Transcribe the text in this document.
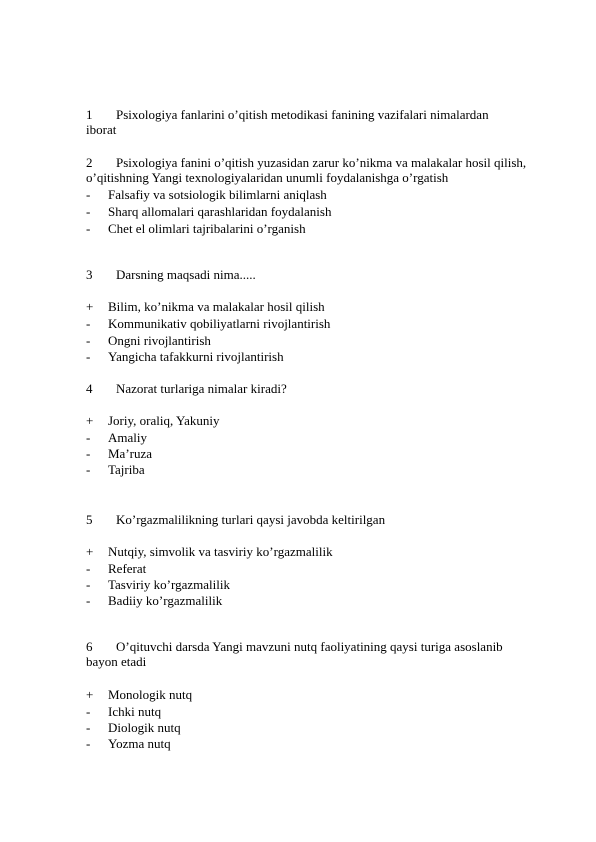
1 Psixologiya fanlarini o’qitish metodikasi fanining vazifalari nimalardan
iborat
2 Psixologiya fanini o’qitish yuzasidan zarur ko’nikma va malakalar hosil qilish,
o’qitishning Yangi texnologiyalaridan unumli foydalanishga o’rgatish
- Falsafiy va sotsiologik bilimlarni aniqlash
- Sharq allomalari qarashlaridan foydalanish
- Chet el olimlari tajribalarini o’rganish
3 Darsning maqsadi nima.....
+ Bilim, ko’nikma va malakalar hosil qilish
- Kommunikativ qobiliyatlarni rivojlantirish
- Ongni rivojlantirish
- Yangicha tafakkurni rivojlantirish
4 Nazorat turlariga nimalar kiradi?
+ Joriy, oraliq, Yakuniy
- Amaliy
- Ma’ruza
- Tajriba
5 Ko’rgazmalilikning turlari qaysi javobda keltirilgan
+ Nutqiy, simvolik va tasviriy ko’rgazmalilik
- Referat
- Tasviriy ko’rgazmalilik
- Badiiy ko’rgazmalilik
6 O’qituvchi darsda Yangi mavzuni nutq faoliyatining qaysi turiga asoslanib
bayon etadi
+ Monologik nutq
- Ichki nutq
- Diologik nutq
- Yozma nutq
